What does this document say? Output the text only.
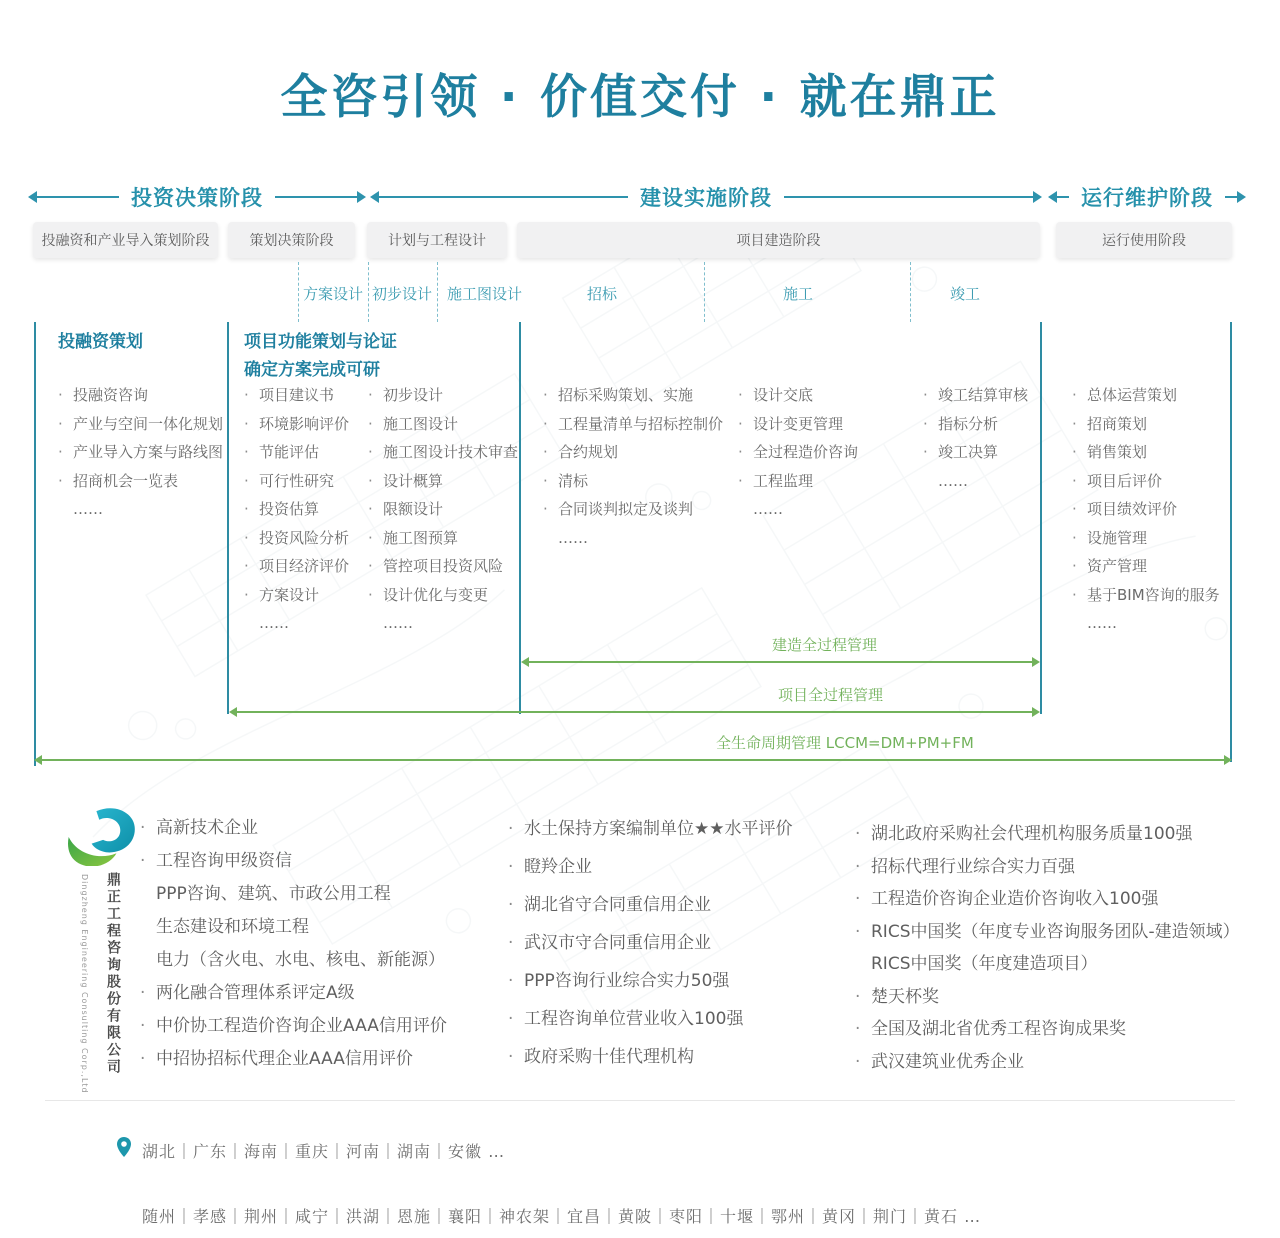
全咨引领 · 价值交付 · 就在鼎正
投资决策阶段	建设实施阶段	运行维护阶段
投融资和产业导入策划阶段	策划决策阶段	计划与工程设计	项目建造阶段	运行使用阶段
方案设计 初步设计 施工图设计	招标	施工	竣工
投融资策划	项目功能策划与论证
确定方案完成可研
· 投融资咨询
· 产业与空间一体化规划
· 产业导入方案与路线图
· 招商机会一览表
……
· 项目建议书
· 环境影响评价
· 节能评估
· 可行性研究
· 投资估算
· 投资风险分析
· 项目经济评价
· 方案设计
……
· 初步设计
· 施工图设计
· 施工图设计技术审查
· 设计概算
· 限额设计
· 施工图预算
· 管控项目投资风险
· 设计优化与变更
……
· 招标采购策划、实施
· 工程量清单与招标控制价
· 合约规划
· 清标
· 合同谈判拟定及谈判
……
· 设计交底
· 设计变更管理
· 全过程造价咨询
· 工程监理
……
· 竣工结算审核
· 指标分析
· 竣工决算
……
· 总体运营策划
· 招商策划
· 销售策划
· 项目后评价
· 项目绩效评价
· 设施管理
· 资产管理
· 基于BIM咨询的服务
……
建造全过程管理
项目全过程管理
全生命周期管理 LCCM=DM+PM+FM
鼎正工程咨询股份有限公司
Dingzheng Engineering Consulting Corp.,Ltd
· 高新技术企业
· 工程咨询甲级资信
PPP咨询、建筑、市政公用工程
生态建设和环境工程
电力（含火电、水电、核电、新能源）
· 两化融合管理体系评定A级
· 中价协工程造价咨询企业AAA信用评价
· 中招协招标代理企业AAA信用评价
· 水土保持方案编制单位★★水平评价
· 瞪羚企业
· 湖北省守合同重信用企业
· 武汉市守合同重信用企业
· PPP咨询行业综合实力50强
· 工程咨询单位营业收入100强
· 政府采购十佳代理机构
· 湖北政府采购社会代理机构服务质量100强
· 招标代理行业综合实力百强
· 工程造价咨询企业造价咨询收入100强
· RICS中国奖（年度专业咨询服务团队-建造领域）
RICS中国奖（年度建造项目）
· 楚天杯奖
· 全国及湖北省优秀工程咨询成果奖
· 武汉建筑业优秀企业
湖北｜广东｜海南｜重庆｜河南｜湖南｜安徽 …
随州｜孝感｜荆州｜咸宁｜洪湖｜恩施｜襄阳｜神农架｜宜昌｜黄陂｜枣阳｜十堰｜鄂州｜黄冈｜荆门｜黄石 …
